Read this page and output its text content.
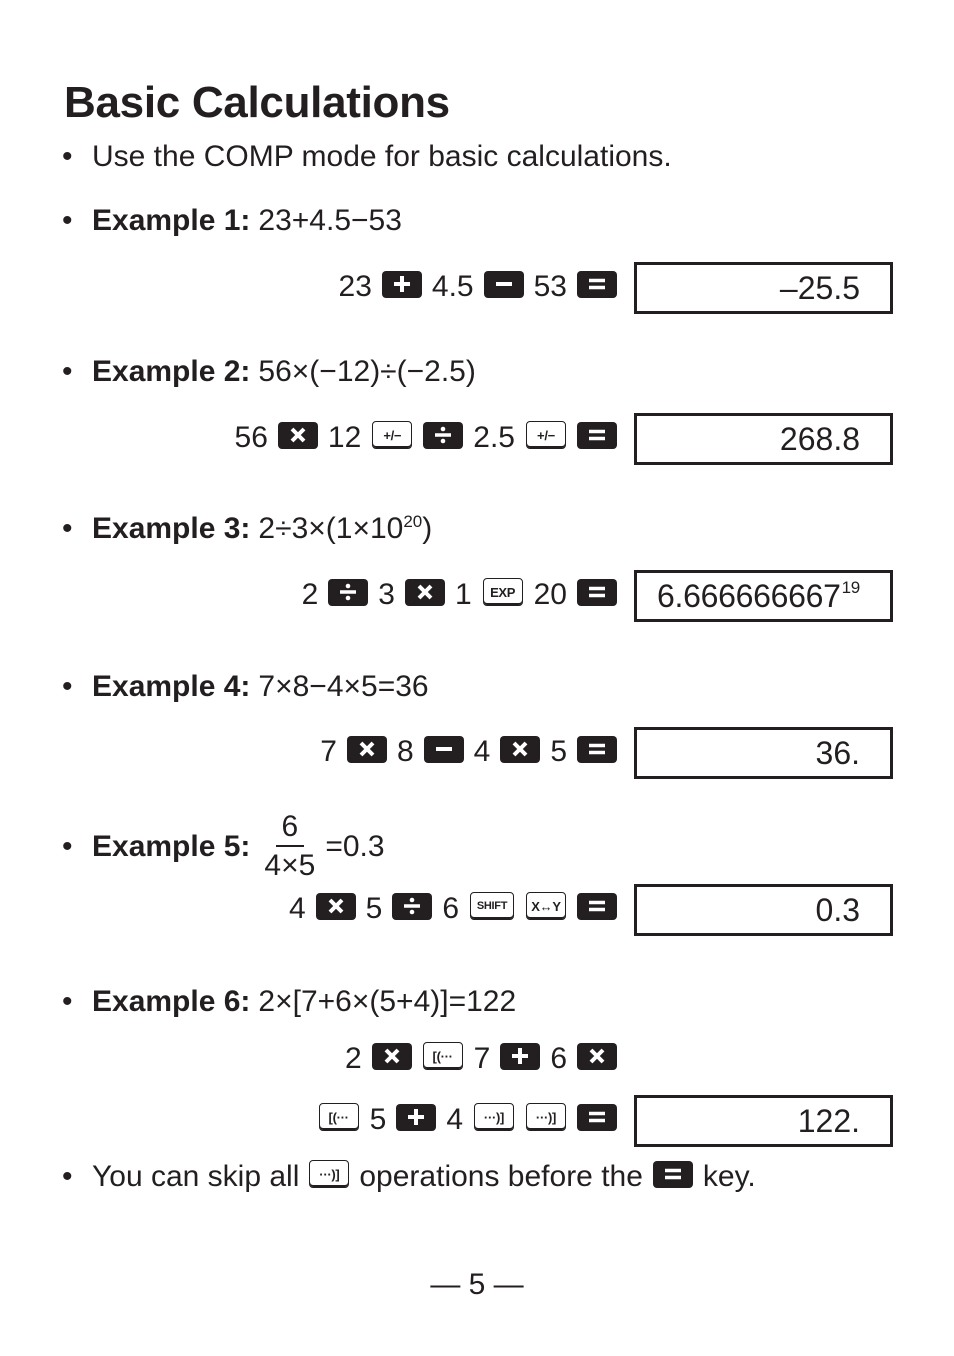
Basic Calculations
• Use the COMP mode for basic calculations.
• Example 1: 23+4.5−53
23 4.5 53	–25.5
• Example 2: 56×(−12)÷(−2.5)
56 12	+/−	2.5	+/−	268.8
• Example 3: $2\div 3\times(1\times 10^{20})$
2 3 1	EXP 20	6.666666667$^{19}$
• Example 4: 7×8−4×5=36
7 8 4 5	36.
• Example 5: $\frac{6}{4\times 5} =0.3$
4 5 6	SHIFT	X↔Y	0.3
• Example 6: 2×[7+6×(5+4)]=122
2	[(··· 7 6
[(··· 5 4	···)]	···)]	122.
• You can skip all	···)] operations before the key.
— 5 —
